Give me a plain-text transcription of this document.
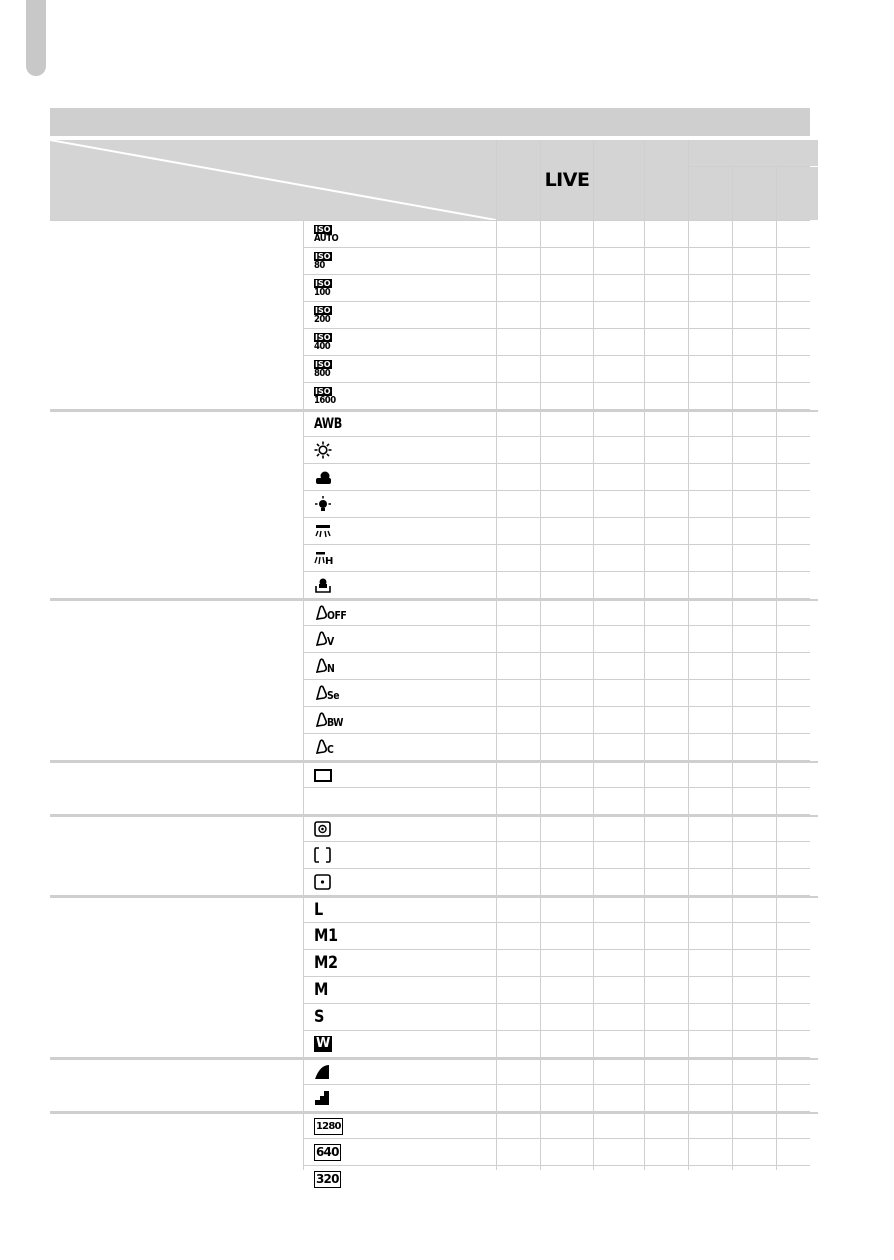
LIVE
ISO
AUTO
ISO
80
ISO
100
ISO
200
ISO
400
ISO
800
ISO
1600
AWB
H
OFF
V
N
Se
BW
C
L
M1
M2
M
S
W
1280
640
320
